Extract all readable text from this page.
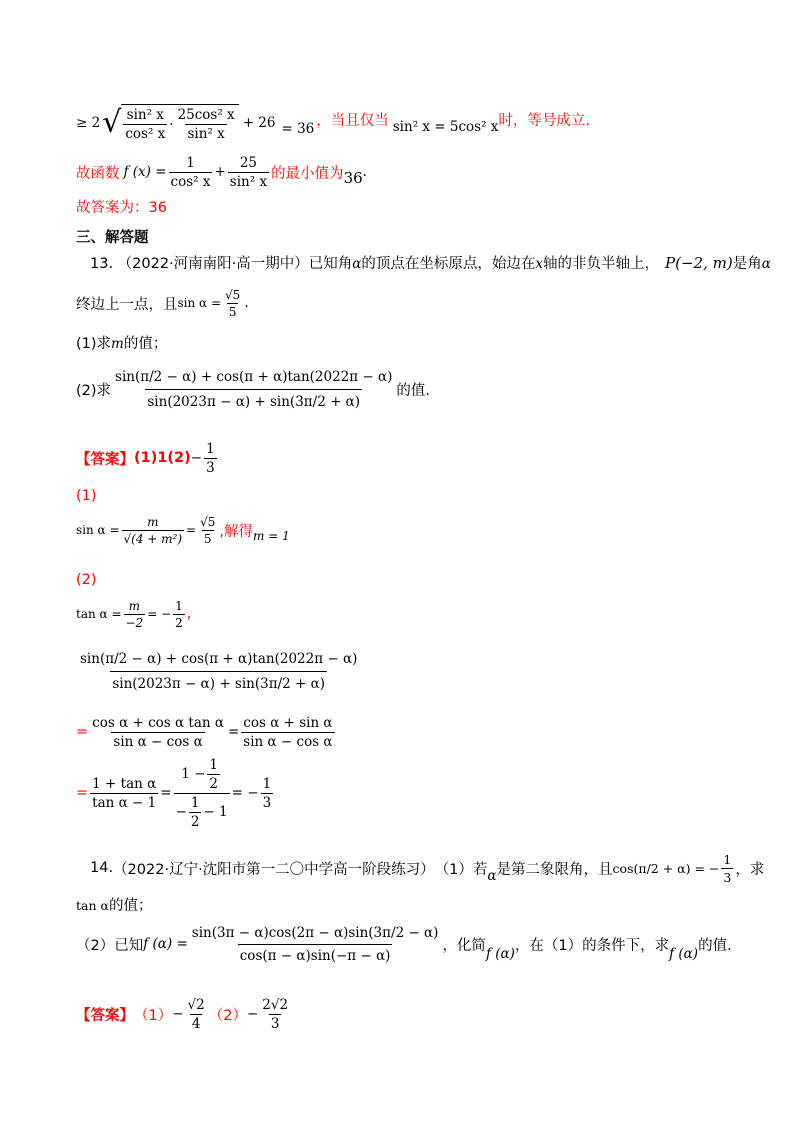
≥ 2 √ $\frac{\text{sin² x}}{\text{cos² x}} \cdot \frac{\text{25cos² x}}{\text{sin² x}} + 26 = 36$
，当且仅当 sin² x = 5cos² x 时，等号成立.
故函数 f $(x) = \frac{1}{\text{cos² x}} + \frac{25}{\text{sin² x}}$ 的最小值为 36 .
故答案为：36
三、解答题
13. （2022·河南南阳·高一期中）已知角α的顶点在坐标原点，始边在x轴的非负半轴上， P(−2, m)是角α
终边上一点，且 $\sin \alpha = \frac{√5}{5}$ .
(1)求m的值；
(2)求 $\frac{\sin(\pi/2 - \alpha) + \cos(\pi + \alpha)\tan(2022\pi - \alpha)}{\sin(2023\pi - \alpha) + \sin(3\pi/2 + \alpha)}$ 的值.
【答案】 $(1)1(2) - \frac{1}{3}$
(1)
$\sin \alpha = \frac{m}{\text{√(4 + m²)}} = \frac{√5}{5}$ ,解得 m = 1
(2)
$\tan \alpha = \frac{m}{-2}$ = − $\frac{1}{2}$ ,
$\frac{\sin(\pi/2 - \alpha) + \cos(\pi + \alpha)\tan(2022\pi - \alpha)}{\sin(2023\pi - \alpha) + \sin(3\pi/2 + \alpha)}$
= $\frac{\text{cos α + cos α tan α}}{\text{sin α − cos α}} = \frac{\text{cos α + sin α}}{\text{sin α − cos α}}$
= $\frac{\text{1 + tan α}}{\text{tan α − 1}} = \frac{1 - \frac{1}{2}}{- \frac{1}{2} - 1}$ = − $\frac{1}{3}$
14. （2022·辽宁·沈阳市第一二〇中学高一阶段练习） （1）若 α 是第二象限角，且 cos(π/2 + α) = − $\frac{1}{3}$ ，求
tan α的值；
（2）已知 f $(\alpha) = \frac{\sin(3\pi - \alpha)\cos(2\pi - \alpha)\sin(3\pi/2 - \alpha)}{\cos(\pi - \alpha)\sin(-\pi - \alpha)}$ ，化简
f (α)
，在（1）的条件下，求
f (α)
的值.
【答案】 $(1) - \frac{√2}{4} (2) - \frac{2√2}{3}$
